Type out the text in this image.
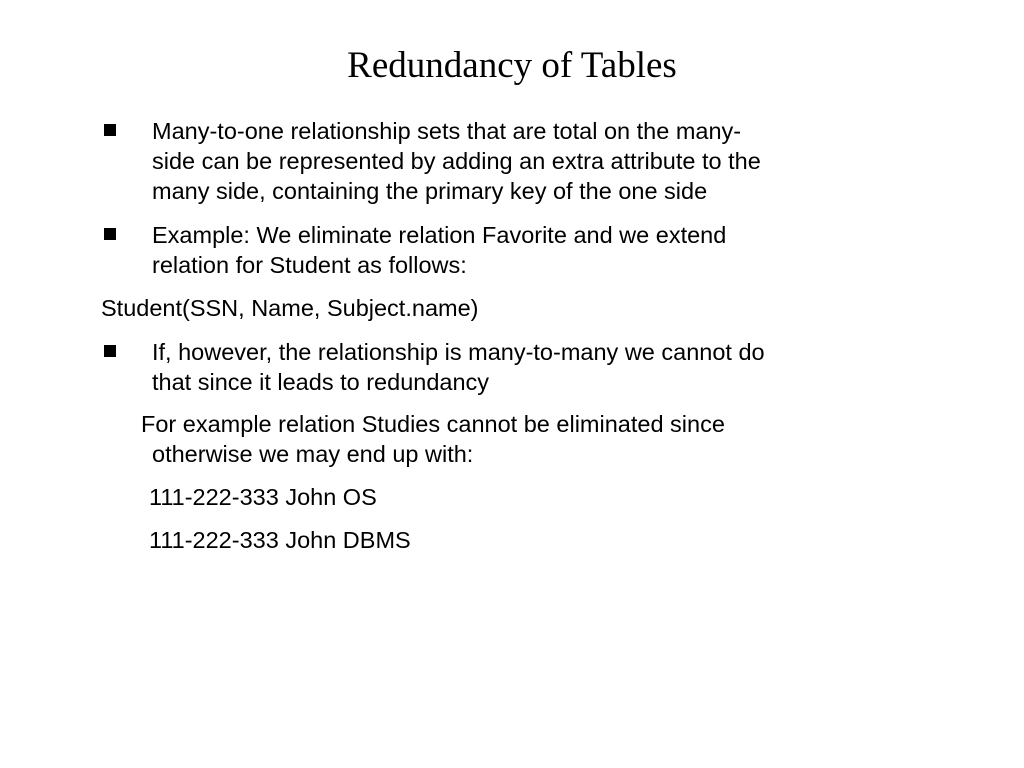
Redundancy of Tables
Many-to-one relationship sets that are total on the many-
side can be represented by adding an extra attribute to the
many side, containing the primary key of the one side
Example: We eliminate relation Favorite and we extend
relation for Student as follows:
Student(SSN, Name, Subject.name)
If, however, the relationship is many-to-many we cannot do
that since it leads to redundancy
For example relation Studies cannot be eliminated since
otherwise we may end up with:
111-222-333 John OS
111-222-333 John DBMS
